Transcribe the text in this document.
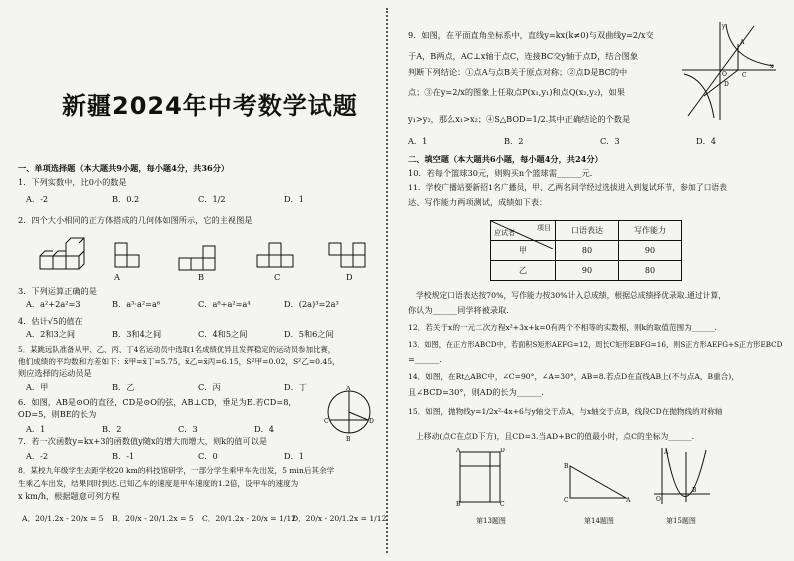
新疆2024年中考数学试题
一、单项选择题（本大题共9小题，每小题4分，共36分）
1．下列实数中，比0小的数是
A．-2	B．0.2	C．1/2	D．1
2．四个大小相同的正方体搭成的几何体如图所示，它的主视图是
A	B	C	D
3．下列运算正确的是
A．a²+2a²=3	B．a³·a²=a⁶	C．a⁸÷a²=a⁴	D．(2a)³=2a³
4．估计√5的值在
A．2和3之间	B．3和4之间	C．4和5之间	D．5和6之间
5．某跳远队准备从甲、乙、丙、丁4名运动员中选取1名成绩优异且发挥稳定的运动员参加比赛，
他们成绩的平均数和方差如下：x̄甲=x̄丁=5.75，x̄乙=x̄丙=6.15，S²甲=0.02，S²乙=0.45，
则应选择的运动员是
A．甲	B．乙	C．丙	D．丁
6．如图，AB是⊙O的直径，CD是⊙O的弦，AB⊥CD，垂足为E.若CD=8，
OD=5，则BE的长为
A．1	B．2	C．3	D．4
A
B
C	D
7．若一次函数y=kx+3的函数值y随x的增大而增大，则k的值可以是
A．-2	B．-1	C．0	D．1
8．某校九年级学生去距学校20 km的科技馆研学，一部分学生乘甲车先出发，5 min后其余学
生乘乙车出发，结果同时到达.已知乙车的速度是甲车速度的1.2倍，设甲车的速度为
x km/h，根据题意可列方程
A．20/1.2x - 20/x = 5 B．20/x - 20/1.2x = 5 C．20/1.2x - 20/x = 1/12D．20/x - 20/1.2x = 1/12
9．如图，在平面直角坐标系中，直线y=kx(k≠0)与双曲线y=2/x交
于A，B两点，AC⊥x轴于点C，连接BC交y轴于点D，结合图象
判断下列结论：①点A与点B关于原点对称；②点D是BC的中
点；③在y=2/x的图象上任取点P(x₁,y₁)和点Q(x₂,y₂)，如果
y₁>y₂，那么x₁>x₂；④S△BOD=1/2.其中正确结论的个数是
A．1	B．2	C．3	D．4
A
C
D
O
x
y
二、填空题（本大题共6小题，每小题4分，共24分）
10．若每个篮球30元，则购买n个篮球需______元.
11．学校广播站要新招1名广播员，甲、乙两名同学经过选拔进入到复试环节，参加了口语表
达、写作能力两项测试，成绩如下表：
项目
应试者	口语表达	写作能力
甲	80	90
乙	90	80
学校规定口语表达按70%，写作能力按30%计入总成绩，根据总成绩择优录取.通过计算，
你认为______同学将被录取.
12．若关于x的一元二次方程x²+3x+k=0有两个不相等的实数根，则k的取值范围为______.
13．如图，在正方形ABCD中，若面积S矩形AEFG=12，周长C矩形EBFG=16，则S正方形AEFG+S正方形EBCD
=______.
14．如图，在Rt△ABC中，∠C=90°，∠A=30°，AB=8.若点D在直线AB上(不与点A，B重合)，
且∠BCD=30°，则AD的长为______.
15．如图，抛物线y=1/2x²-4x+6与y轴交于点A，与x轴交于点B，线段CD在抛物线的对称轴
上移动(点C在点D下方)，且CD=3.当AD+BC的值最小时，点C的坐标为______.
A
B	C
D
B
C	A	O
A
B
第13题图	第14题图	第15题图
